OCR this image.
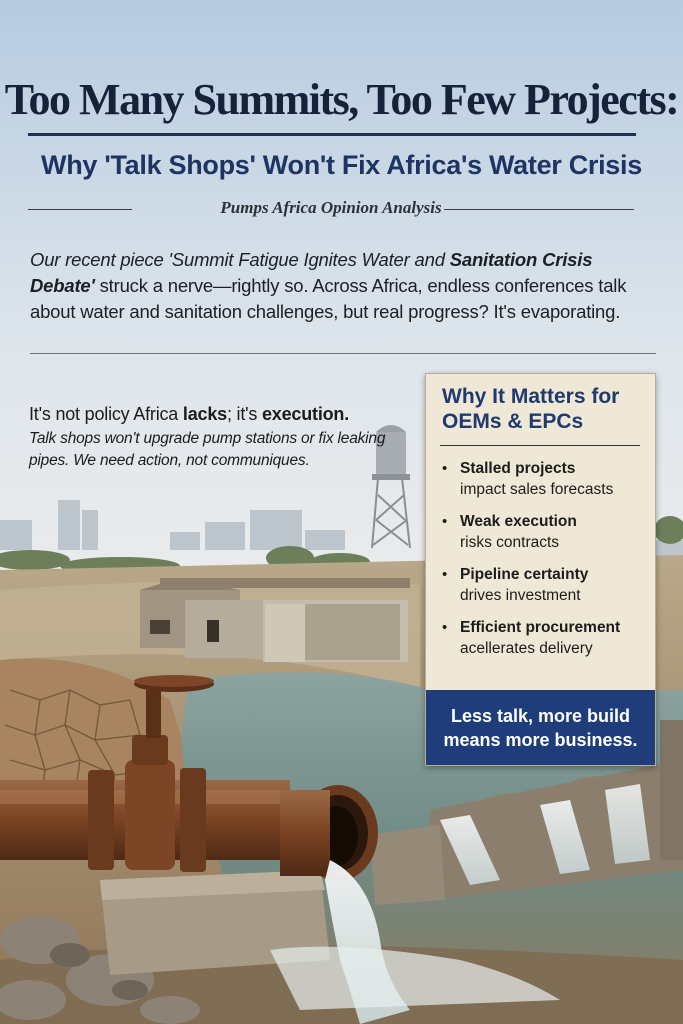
Too Many Summits, Too Few Projects:
Why 'Talk Shops' Won't Fix Africa's Water Crisis
Pumps Africa Opinion Analysis
Our recent piece 'Summit Fatigue Ignites Water and Sanitation Crisis Debate' struck a nerve—rightly so. Across Africa, endless conferences talk about water and sanitation challenges, but real progress? It's evaporating.
It's not policy Africa lacks; it's execution.
Talk shops won't upgrade pump stations or fix leaking pipes. We need action, not communiques.
Why It Matters for OEMs & EPCs
• Stalled projects
impact sales forecasts
• Weak execution
risks contracts
• Pipeline certainty
drives investment
• Efficient procurement
acellerates delivery
Less talk, more build means more business.
